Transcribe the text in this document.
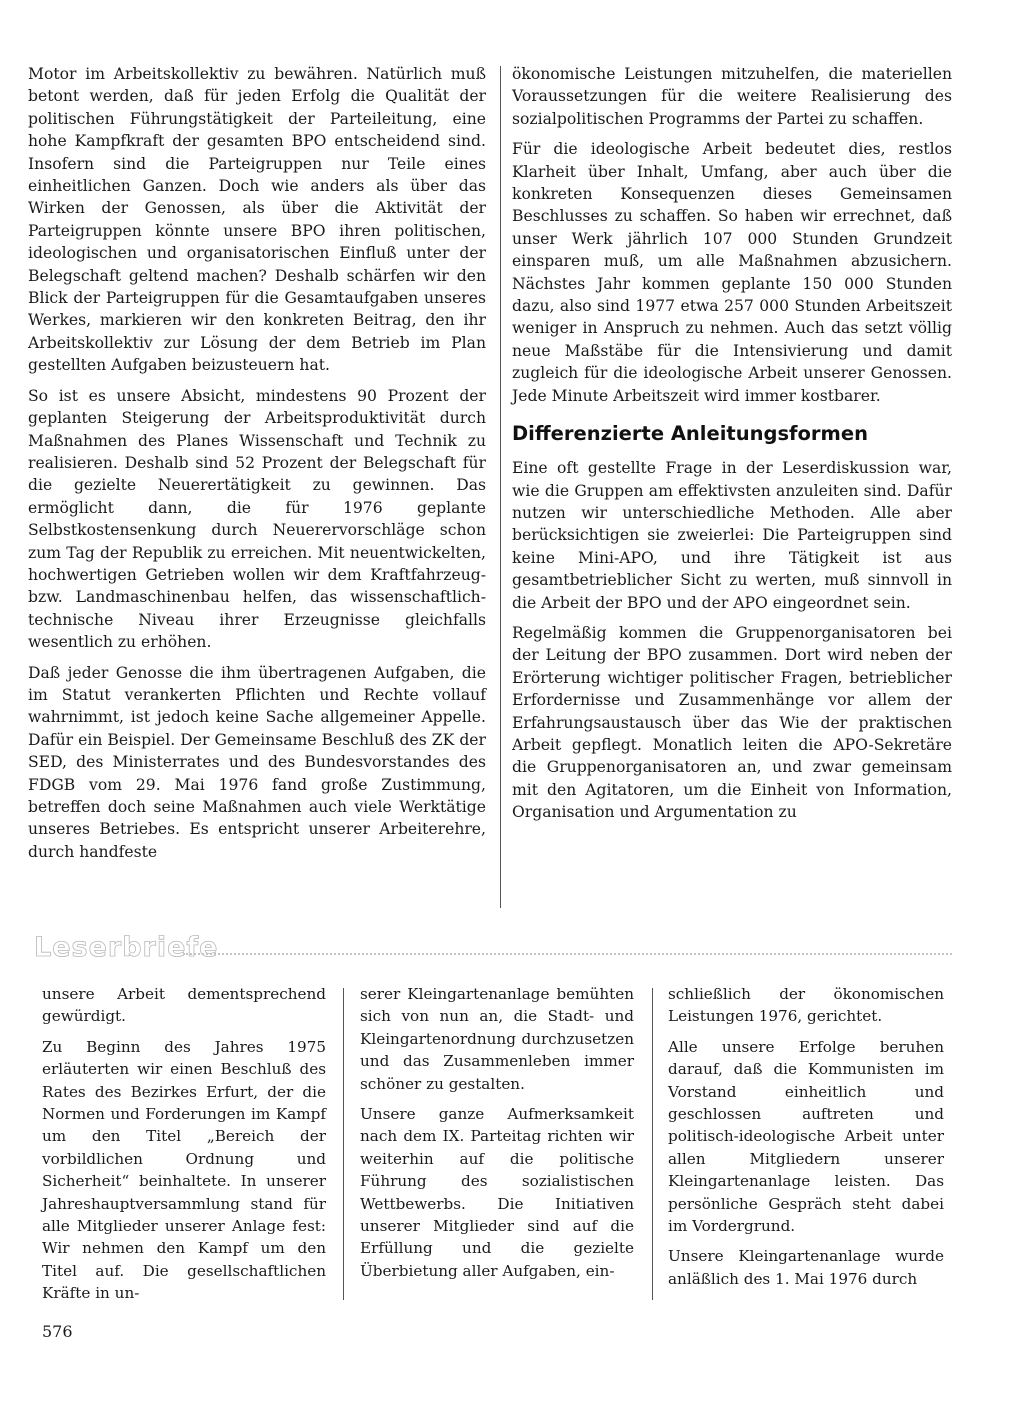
Motor im Arbeitskollektiv zu bewähren. Natürlich muß betont werden, daß für jeden Erfolg die Qualität der politischen Führungstätigkeit der Parteileitung, eine hohe Kampfkraft der gesamten BPO entscheidend sind. Insofern sind die Parteigruppen nur Teile eines einheitlichen Ganzen. Doch wie anders als über das Wirken der Genossen, als über die Aktivität der Parteigruppen könnte unsere BPO ihren politischen, ideologischen und organisatorischen Einfluß unter der Belegschaft geltend machen? Deshalb schärfen wir den Blick der Parteigruppen für die Gesamtaufgaben unseres Werkes, markieren wir den konkreten Beitrag, den ihr Arbeitskollektiv zur Lösung der dem Betrieb im Plan gestellten Aufgaben beizusteuern hat.

So ist es unsere Absicht, mindestens 90 Prozent der geplanten Steigerung der Arbeitsproduktivität durch Maßnahmen des Planes Wissenschaft und Technik zu realisieren. Deshalb sind 52 Prozent der Belegschaft für die gezielte Neuerertätigkeit zu gewinnen. Das ermöglicht dann, die für 1976 geplante Selbstkostensenkung durch Neuerervorschläge schon zum Tag der Republik zu erreichen. Mit neuentwickelten, hochwertigen Getrieben wollen wir dem Kraftfahrzeug- bzw. Landmaschinenbau helfen, das wissenschaftlich-technische Niveau ihrer Erzeugnisse gleichfalls wesentlich zu erhöhen.

Daß jeder Genosse die ihm übertragenen Aufgaben, die im Statut verankerten Pflichten und Rechte vollauf wahrnimmt, ist jedoch keine Sache allgemeiner Appelle. Dafür ein Beispiel. Der Gemeinsame Beschluß des ZK der SED, des Ministerrates und des Bundesvorstandes des FDGB vom 29. Mai 1976 fand große Zustimmung, betreffen doch seine Maßnahmen auch viele Werktätige unseres Betriebes. Es entspricht unserer Arbeiterehre, durch handfeste

ökonomische Leistungen mitzuhelfen, die materiellen Voraussetzungen für die weitere Realisierung des sozialpolitischen Programms der Partei zu schaffen.

Für die ideologische Arbeit bedeutet dies, restlos Klarheit über Inhalt, Umfang, aber auch über die konkreten Konsequenzen dieses Gemeinsamen Beschlusses zu schaffen. So haben wir errechnet, daß unser Werk jährlich 107 000 Stunden Grundzeit einsparen muß, um alle Maßnahmen abzusichern. Nächstes Jahr kommen geplante 150 000 Stunden dazu, also sind 1977 etwa 257 000 Stunden Arbeitszeit weniger in Anspruch zu nehmen. Auch das setzt völlig neue Maßstäbe für die Intensivierung und damit zugleich für die ideologische Arbeit unserer Genossen. Jede Minute Arbeitszeit wird immer kostbarer.

Differenzierte Anleitungsformen

Eine oft gestellte Frage in der Leserdiskussion war, wie die Gruppen am effektivsten anzuleiten sind. Dafür nutzen wir unterschiedliche Methoden. Alle aber berücksichtigen sie zweierlei: Die Parteigruppen sind keine Mini-APO, und ihre Tätigkeit ist aus gesamtbetrieblicher Sicht zu werten, muß sinnvoll in die Arbeit der BPO und der APO eingeordnet sein.

Regelmäßig kommen die Gruppenorganisatoren bei der Leitung der BPO zusammen. Dort wird neben der Erörterung wichtiger politischer Fragen, betrieblicher Erfordernisse und Zusammenhänge vor allem der Erfahrungsaustausch über das Wie der praktischen Arbeit gepflegt. Monatlich leiten die APO-Sekretäre die Gruppenorganisatoren an, und zwar gemeinsam mit den Agitatoren, um die Einheit von Information, Organisation und Argumentation zu

Leserbriefe

unsere Arbeit dementsprechend gewürdigt.

Zu Beginn des Jahres 1975 erläuterten wir einen Beschluß des Rates des Bezirkes Erfurt, der die Normen und Forderungen im Kampf um den Titel „Bereich der vorbildlichen Ordnung und Sicherheit“ beinhaltete. In unserer Jahreshauptversammlung stand für alle Mitglieder unserer Anlage fest: Wir nehmen den Kampf um den Titel auf. Die gesellschaftlichen Kräfte in un-

serer Kleingartenanlage bemühten sich von nun an, die Stadt- und Kleingartenordnung durchzusetzen und das Zusammenleben immer schöner zu gestalten.

Unsere ganze Aufmerksamkeit nach dem IX. Parteitag richten wir weiterhin auf die politische Führung des sozialistischen Wettbewerbs. Die Initiativen unserer Mitglieder sind auf die Erfüllung und die gezielte Überbietung aller Aufgaben, ein-

schließlich der ökonomischen Leistungen 1976, gerichtet.

Alle unsere Erfolge beruhen darauf, daß die Kommunisten im Vorstand einheitlich und geschlossen auftreten und politisch-ideologische Arbeit unter allen Mitgliedern unserer Kleingartenanlage leisten. Das persönliche Gespräch steht dabei im Vordergrund.

Unsere Kleingartenanlage wurde anläßlich des 1. Mai 1976 durch

576
